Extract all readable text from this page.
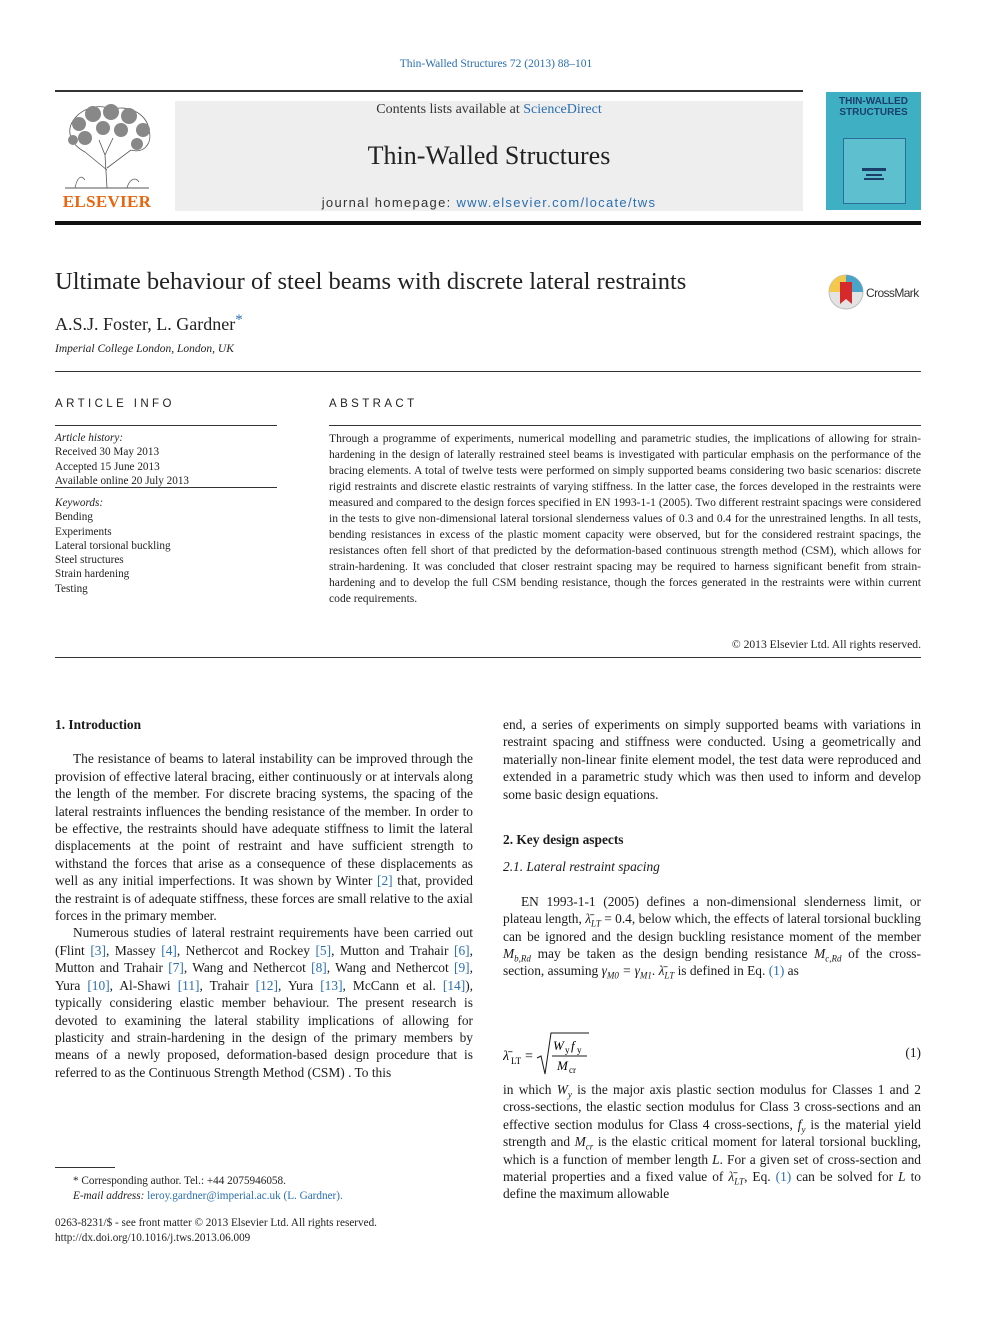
Thin-Walled Structures 72 (2013) 88–101
ELSEVIER
Contents lists available at ScienceDirect
Thin-Walled Structures
journal homepage: www.elsevier.com/locate/tws
THIN-WALLED
STRUCTURES
Ultimate behaviour of steel beams with discrete lateral restraints	CrossMark
A.S.J. Foster, L. Gardner*
Imperial College London, London, UK
ARTICLE INFO	ABSTRACT
Article history:
Received 30 May 2013
Accepted 15 June 2013
Available online 20 July 2013
Keywords:
Bending
Experiments
Lateral torsional buckling
Steel structures
Strain hardening
Testing
Through a programme of experiments, numerical modelling and parametric studies, the implications of allowing for strain-hardening in the design of laterally restrained steel beams is investigated with particular emphasis on the performance of the bracing elements. A total of twelve tests were performed on simply supported beams considering two basic scenarios: discrete rigid restraints and discrete elastic restraints of varying stiffness. In the latter case, the forces developed in the restraints were measured and compared to the design forces specified in EN 1993-1-1 (2005). Two different restraint spacings were considered in the tests to give non-dimensional lateral torsional slenderness values of 0.3 and 0.4 for the unrestrained lengths. In all tests, bending resistances in excess of the plastic moment capacity were observed, but for the considered restraint spacings, the resistances often fell short of that predicted by the deformation-based continuous strength method (CSM), which allows for strain-hardening. It was concluded that closer restraint spacing may be required to harness significant benefit from strain-hardening and to develop the full CSM bending resistance, though the forces generated in the restraints were within current code requirements.
© 2013 Elsevier Ltd. All rights reserved.

1. Introduction

The resistance of beams to lateral instability can be improved through the provision of effective lateral bracing, either continuously or at intervals along the length of the member. For discrete bracing systems, the spacing of the lateral restraints influences the bending resistance of the member. In order to be effective, the restraints should have adequate stiffness to limit the lateral displacements at the point of restraint and have sufficient strength to withstand the forces that arise as a consequence of these displacements as well as any initial imperfections. It was shown by Winter [2] that, provided the restraint is of adequate stiffness, these forces are small relative to the axial forces in the primary member.

Numerous studies of lateral restraint requirements have been carried out (Flint [3], Massey [4], Nethercot and Rockey [5], Mutton and Trahair [6], Mutton and Trahair [7], Wang and Nethercot [8], Wang and Nethercot [9], Yura [10], Al-Shawi [11], Trahair [12], Yura [13], McCann et al. [14]), typically considering elastic member behaviour. The present research is devoted to examining the lateral stability implications of allowing for plasticity and strain-hardening in the design of the primary members by means of a newly proposed, deformation-based design procedure that is referred to as the Continuous Strength Method (CSM) . To this

end, a series of experiments on simply supported beams with variations in restraint spacing and stiffness were conducted. Using a geometrically and materially non-linear finite element model, the test data were reproduced and extended in a parametric study which was then used to inform and develop some basic design equations.

2. Key design aspects

2.1. Lateral restraint spacing

EN 1993-1-1 (2005) defines a non-dimensional slenderness limit, or plateau length, $\lambdā_{LT} = 0.4$, below which, the effects of lateral torsional buckling can be ignored and the design buckling resistance moment of the member $M_{b,Rd}$ may be taken as the design bending resistance $M_{c,Rd}$ of the cross-section, assuming $\gamma_{M0} = \gamma_{M1}$. $\lambdā_{LT}$ is defined in Eq. (1) as

λ̄ LT =
W y f y
M cr
(1)

in which $W_y$ is the major axis plastic section modulus for Classes 1 and 2 cross-sections, the elastic section modulus for Class 3 cross-sections and an effective section modulus for Class 4 cross-sections, $f_y$ is the material yield strength and $M_{cr}$ is the elastic critical moment for lateral torsional buckling, which is a function of member length L. For a given set of cross-section and material properties and a fixed value of $\lambdā_{LT}$, Eq. (1) can be solved for L to define the maximum allowable

* Corresponding author. Tel.: +44 2075946058.
E-mail address: leroy.gardner@imperial.ac.uk (L. Gardner).
0263-8231/$ - see front matter © 2013 Elsevier Ltd. All rights reserved.
http://dx.doi.org/10.1016/j.tws.2013.06.009
